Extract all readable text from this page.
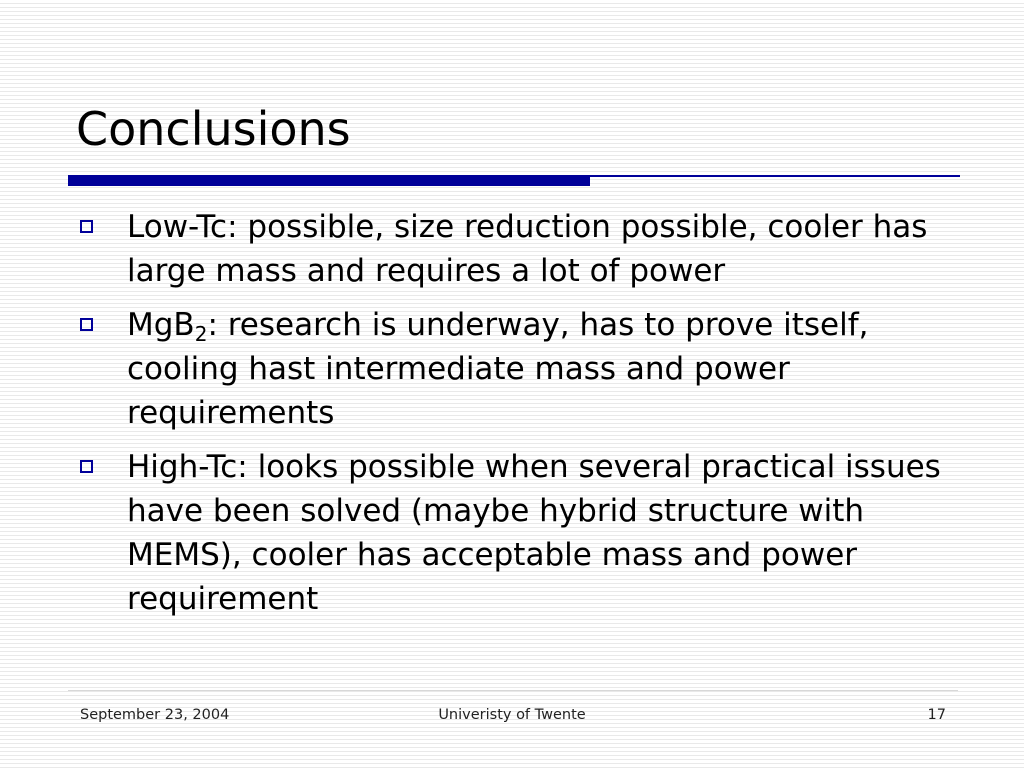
Conclusions
Low-Tc: possible, size reduction possible, cooler has large mass and requires a lot of power
MgB$_2$: research is underway, has to prove itself, cooling hast intermediate mass and power requirements
High-Tc: looks possible when several practical issues have been solved (maybe hybrid structure with MEMS), cooler has acceptable mass and power requirement
September 23, 2004	Univeristy of Twente	17
